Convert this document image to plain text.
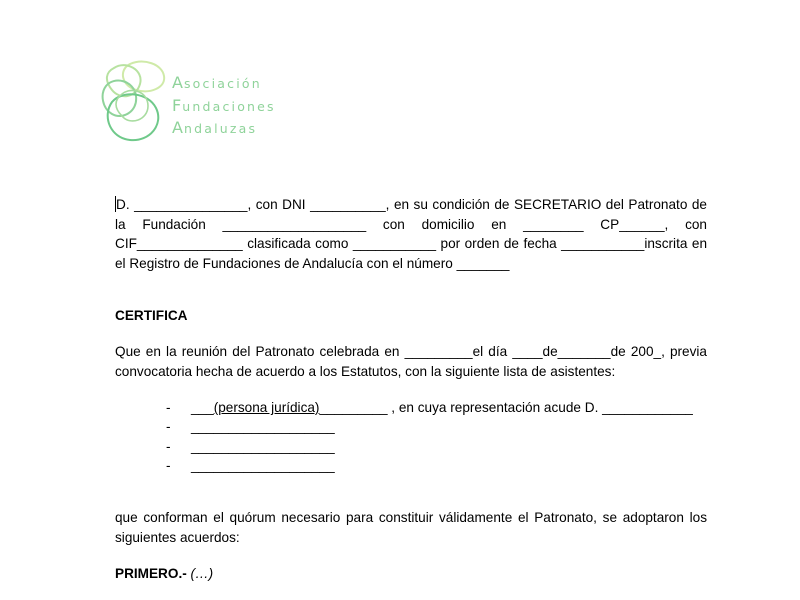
Asociación
Fundaciones
Andaluzas

D. _______________, con DNI __________, en su condición de SECRETARIO del Patronato de la Fundación ___________________ con domicilio en ________ CP______, con CIF______________ clasificada como ___________ por orden de fecha ___________inscrita en el Registro de Fundaciones de Andalucía con el número _______

CERTIFICA

Que en la reunión del Patronato celebrada en _________el día ____de_______de 200_, previa convocatoria hecha de acuerdo a los Estatutos, con la siguiente lista de asistentes:

-	___ (persona jurídica) _________ , en cuya representación acude D. ____________
-	___________________
-	___________________
-	___________________

que conforman el quórum necesario para constituir válidamente el Patronato, se adoptaron los siguientes acuerdos:

PRIMERO.- (…)
